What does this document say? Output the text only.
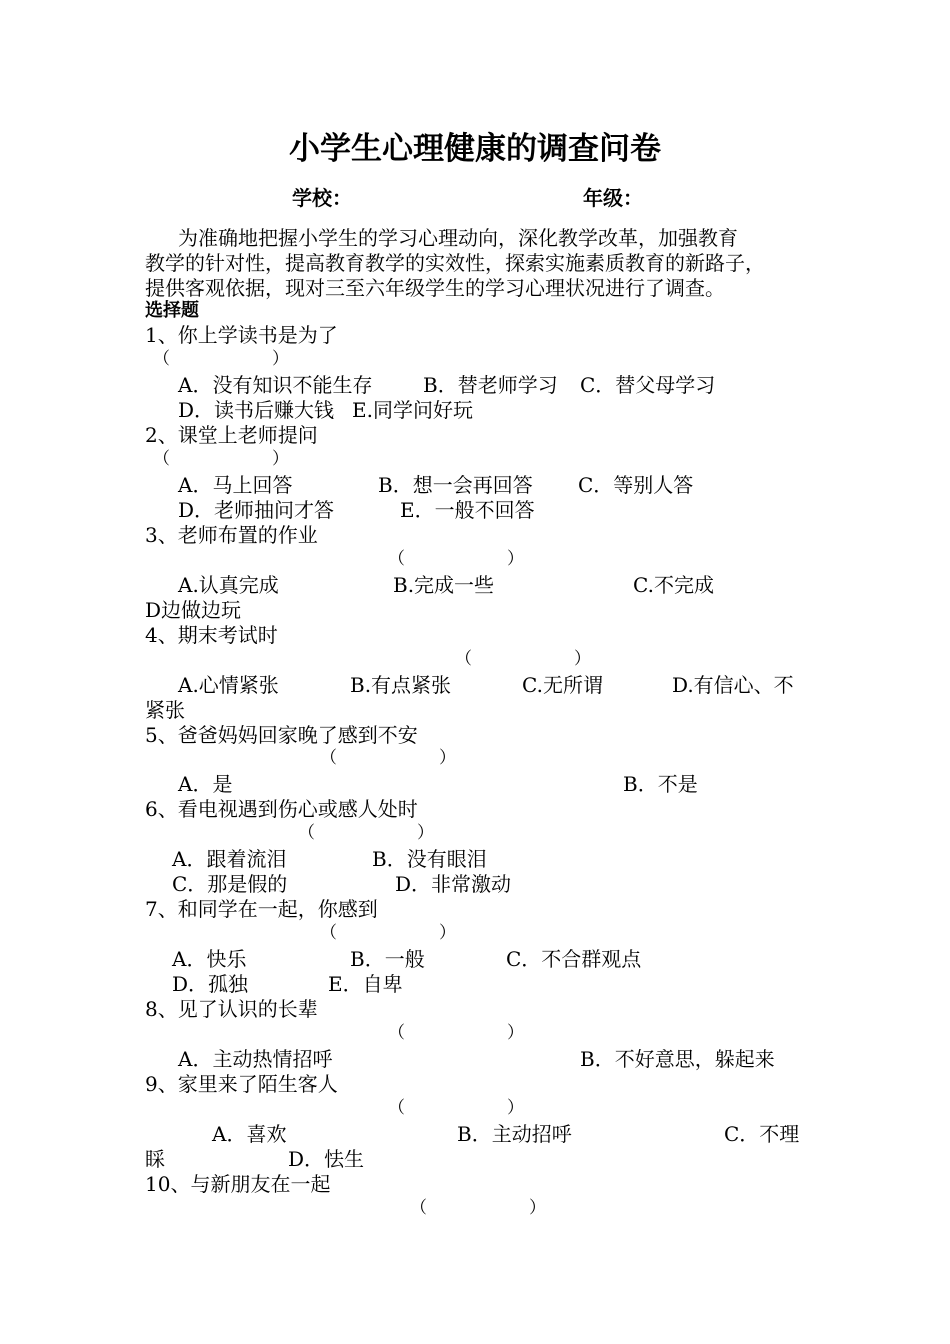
小学生心理健康的调查问卷
学校：	年级：
为准确地把握小学生的学习心理动向，深化教学改革，加强教育
教学的针对性，提高教育教学的实效性，探索实施素质教育的新路子，
提供客观依据，现对三至六年级学生的学习心理状况进行了调查。
选择题
1、你上学读书是为了
（　　　　　　）
A．没有知识不能生存	B．替老师学习 C．替父母学习
D．读书后赚大钱 E.同学问好玩
2、课堂上老师提问
（　　　　　　）
A．马上回答	B．想一会再回答 C．等别人答
D．老师抽问才答	E．一般不回答
3、老师布置的作业
（　　　　　　）
A.认真完成	B.完成一些	C.不完成
D边做边玩
4、期末考试时
（　　　　　　）
A.心情紧张	B.有点紧张	C.无所谓	D.有信心、不
紧张
5、爸爸妈妈回家晚了感到不安
（　　　　　　）
A．是	B．不是
6、看电视遇到伤心或感人处时
（　　　　　　）
A．跟着流泪	B．没有眼泪
C．那是假的	D．非常激动
7、和同学在一起，你感到
（　　　　　　）
A．快乐	B．一般	C．不合群观点
D．孤独	E．自卑
8、见了认识的长辈
（　　　　　　）
A．主动热情招呼	B．不好意思，躲起来
9、家里来了陌生客人
（　　　　　　）
A．喜欢	B．主动招呼	C．不理
睬	D．怯生
10、与新朋友在一起
（　　　　　　）
